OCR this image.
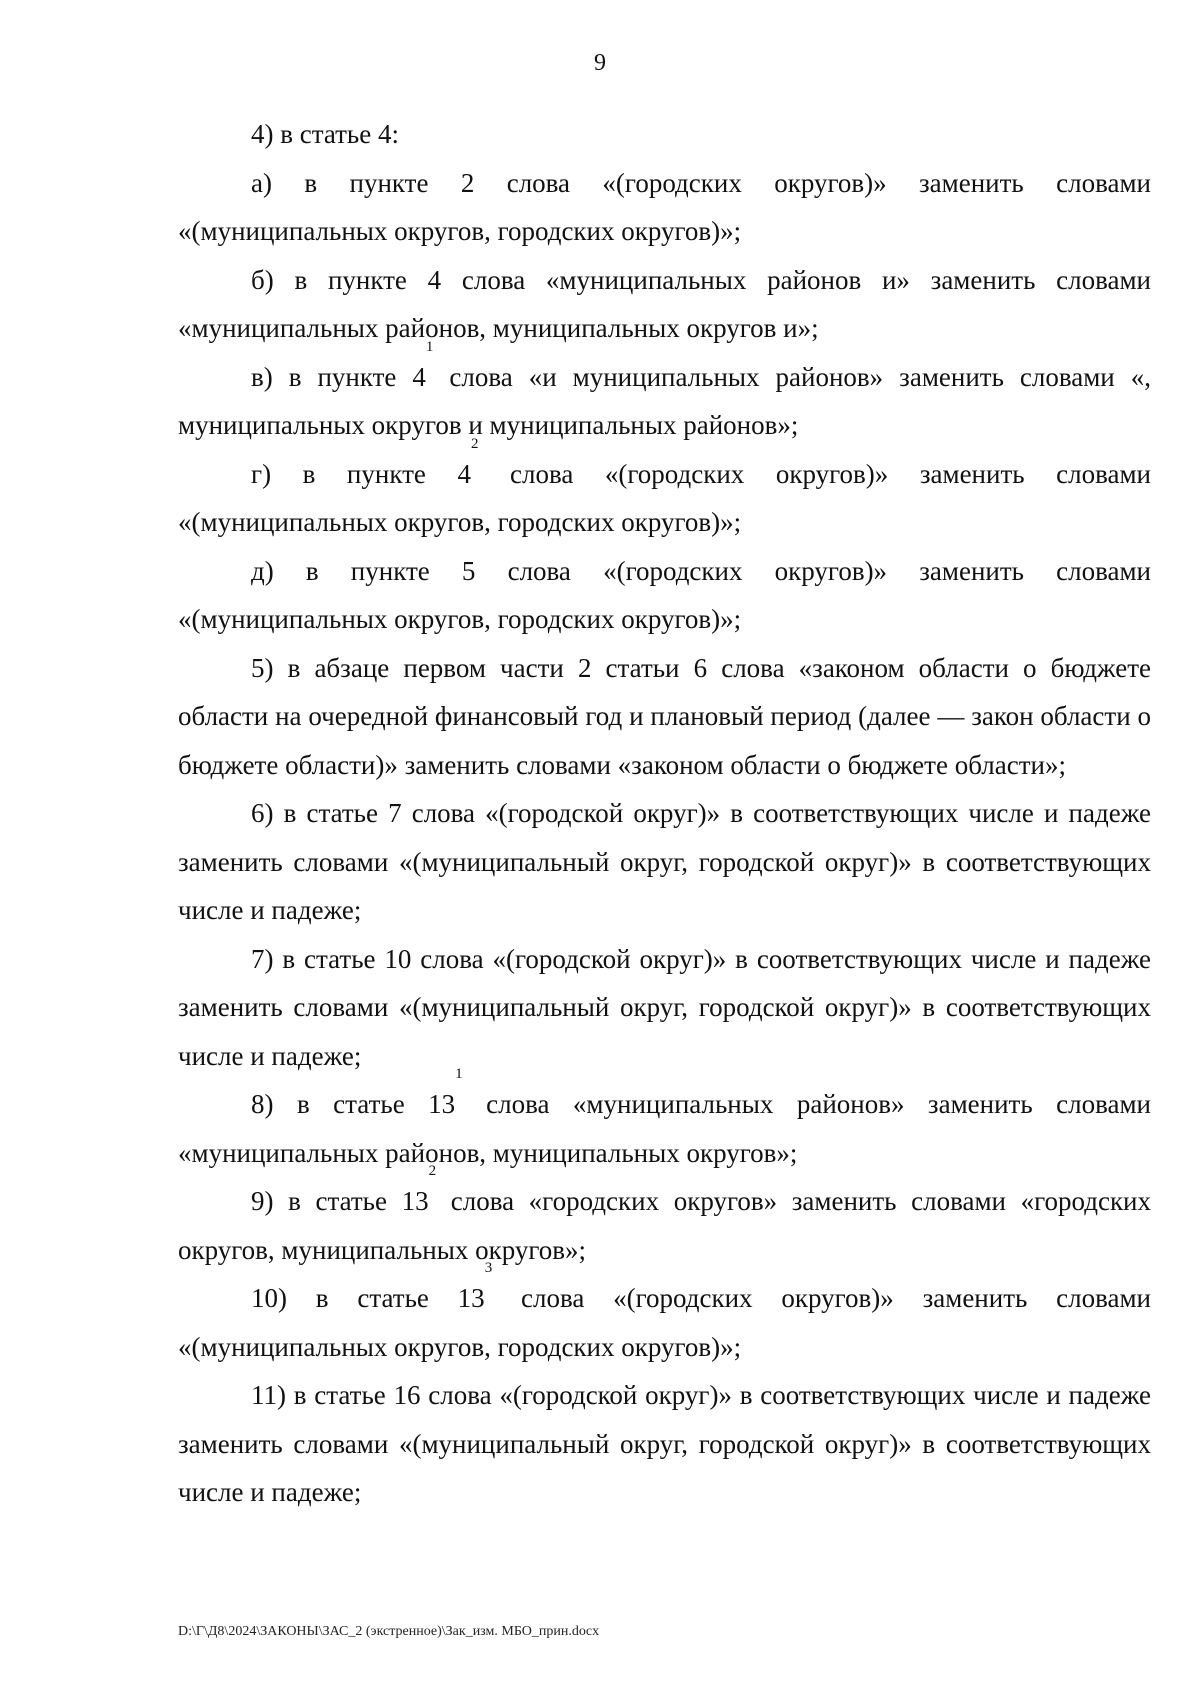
9

4) в статье 4:

а) в пункте 2 слова «(городских округов)» заменить словами «(муниципальных округов, городских округов)»;

б) в пункте 4 слова «муниципальных районов и» заменить словами «муниципальных районов, муниципальных округов и»;

в) в пункте $4^1$ слова «и муниципальных районов» заменить словами «, муниципальных округов и муниципальных районов»;

г) в пункте $4^2$ слова «(городских округов)» заменить словами «(муниципальных округов, городских округов)»;

д) в пункте 5 слова «(городских округов)» заменить словами «(муниципальных округов, городских округов)»;

5) в абзаце первом части 2 статьи 6 слова «законом области о бюджете области на очередной финансовый год и плановый период (далее — закон области о бюджете области)» заменить словами «законом области о бюджете области»;

6) в статье 7 слова «(городской округ)» в соответствующих числе и падеже заменить словами «(муниципальный округ, городской округ)» в соответствующих числе и падеже;

7) в статье 10 слова «(городской округ)» в соответствующих числе и падеже заменить словами «(муниципальный округ, городской округ)» в соответствующих числе и падеже;

8) в статье $13^1$ слова «муниципальных районов» заменить словами «муниципальных районов, муниципальных округов»;

9) в статье $13^2$ слова «городских округов» заменить словами «городских округов, муниципальных округов»;

10) в статье $13^3$ слова «(городских округов)» заменить словами «(муниципальных округов, городских округов)»;

11) в статье 16 слова «(городской округ)» в соответствующих числе и падеже заменить словами «(муниципальный округ, городской округ)» в соответствующих числе и падеже;

D:\Г\Д8\2024\ЗАКОНЫ\ЗАС_2 (экстренное)\Зак_изм. МБО_прин.docx
